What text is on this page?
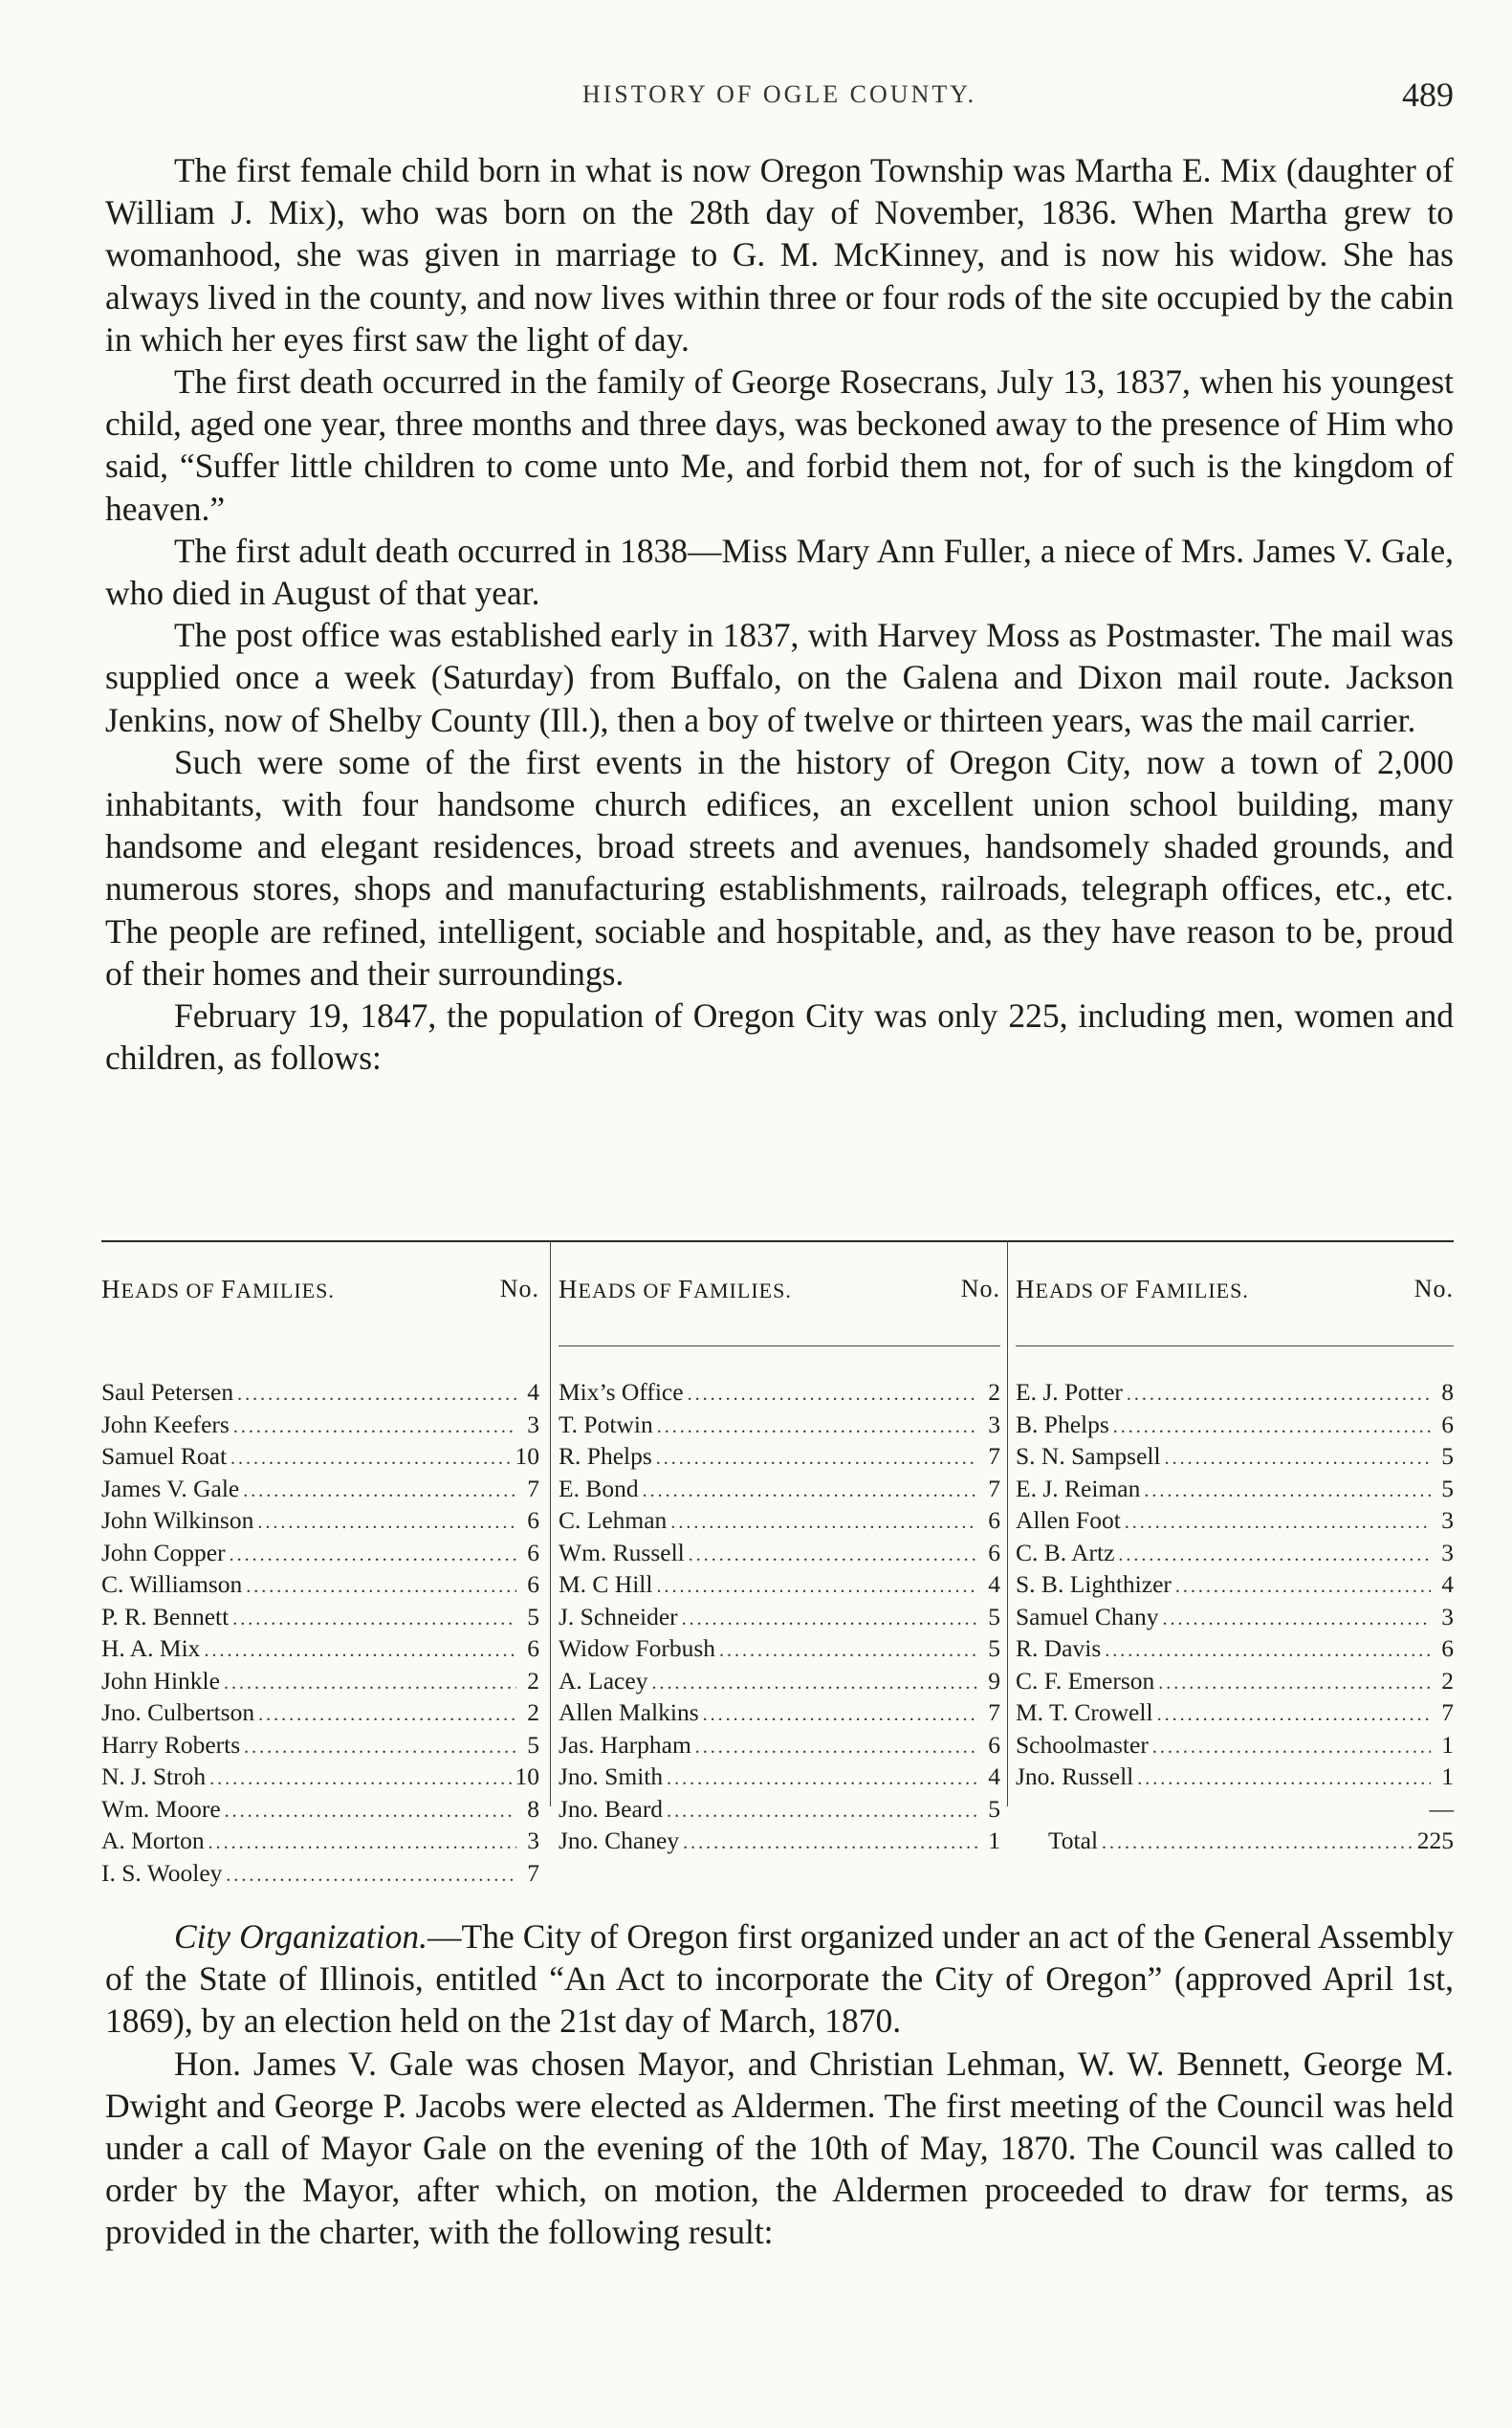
HISTORY OF OGLE COUNTY.	489

The first female child born in what is now Oregon Township was Martha E. Mix (daughter of William J. Mix), who was born on the 28th day of November, 1836. When Martha grew to womanhood, she was given in marriage to G. M. McKinney, and is now his widow. She has always lived in the county, and now lives within three or four rods of the site occupied by the cabin in which her eyes first saw the light of day.

The first death occurred in the family of George Rosecrans, July 13, 1837, when his youngest child, aged one year, three months and three days, was beckoned away to the presence of Him who said, “Suffer little children to come unto Me, and forbid them not, for of such is the kingdom of heaven.”

The first adult death occurred in 1838—Miss Mary Ann Fuller, a niece of Mrs. James V. Gale, who died in August of that year.

The post office was established early in 1837, with Harvey Moss as Postmaster. The mail was supplied once a week (Saturday) from Buffalo, on the Galena and Dixon mail route. Jackson Jenkins, now of Shelby County (Ill.), then a boy of twelve or thirteen years, was the mail carrier.

Such were some of the first events in the history of Oregon City, now a town of 2,000 inhabitants, with four handsome church edifices, an excellent union school building, many handsome and elegant residences, broad streets and avenues, handsomely shaded grounds, and numerous stores, shops and manufacturing establishments, railroads, telegraph offices, etc., etc. The people are refined, intelligent, sociable and hospitable, and, as they have reason to be, proud of their homes and their surroundings.

February 19, 1847, the population of Oregon City was only 225, including men, women and children, as follows:

HEADS OF FAMILIES.	No.
Saul Petersen .....	4
John Keefers .....	3
Samuel Roat .....	10
James V. Gale .....	7
John Wilkinson .....	6
John Copper .....	6
C. Williamson .....	6
P. R. Bennett .....	5
H. A. Mix .....	6
John Hinkle .....	2
Jno. Culbertson .....	2
Harry Roberts .....	5
N. J. Stroh .....	10
Wm. Moore .....	8
A. Morton .....	3
I. S. Wooley .....	7
HEADS OF FAMILIES.	No.
Mix’s Office .....	2
T. Potwin .....	3
R. Phelps .....	7
E. Bond .....	7
C. Lehman .....	6
Wm. Russell .....	6
M. C Hill .....	4
J. Schneider .....	5
Widow Forbush .....	5
A. Lacey .....	9
Allen Malkins .....	7
Jas. Harpham .....	6
Jno. Smith .....	4
Jno. Beard .....	5
Jno. Chaney .....	1
HEADS OF FAMILIES.	No.
E. J. Potter .....	8
B. Phelps .....	6
S. N. Sampsell .....	5
E. J. Reiman .....	5
Allen Foot .....	3
C. B. Artz .....	3
S. B. Lighthizer .....	4
Samuel Chany .....	3
R. Davis .....	6
C. F. Emerson .....	2
M. T. Crowell .....	7
Schoolmaster .....	1
Jno. Russell .....	1
—
Total .....	225

City Organization.—The City of Oregon first organized under an act of the General Assembly of the State of Illinois, entitled “An Act to incorporate the City of Oregon” (approved April 1st, 1869), by an election held on the 21st day of March, 1870.

Hon. James V. Gale was chosen Mayor, and Christian Lehman, W. W. Bennett, George M. Dwight and George P. Jacobs were elected as Aldermen. The first meeting of the Council was held under a call of Mayor Gale on the evening of the 10th of May, 1870. The Council was called to order by the Mayor, after which, on motion, the Aldermen proceeded to draw for terms, as provided in the charter, with the following result:
